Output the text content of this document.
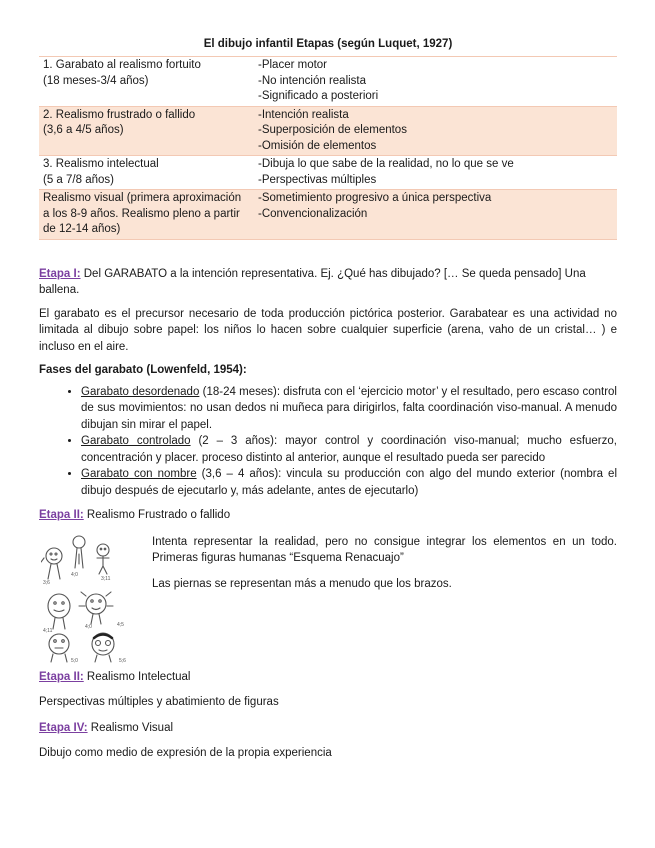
El dibujo infantil Etapas (según Luquet, 1927)
1. Garabato al realismo fortuito
(18 meses-3/4 años)	-Placer motor
-No intención realista
-Significado a posteriori

2. Realismo frustrado o fallido
(3,6 a 4/5 años)	-Intención realista
-Superposición de elementos
-Omisión de elementos

3. Realismo intelectual
(5 a 7/8 años)	-Dibuja lo que sabe de la realidad, no lo que se ve
-Perspectivas múltiples

Realismo visual (primera aproximación
a los 8-9 años. Realismo pleno a partir
de 12-14 años)	-Sometimiento progresivo a única perspectiva
-Convencionalización

Etapa I: Del GARABATO a la intención representativa. Ej. ¿Qué has dibujado? [… Se queda pensado] Una ballena.

El garabato es el precursor necesario de toda producción pictórica posterior. Garabatear es una actividad no limitada al dibujo sobre papel: los niños lo hacen sobre cualquier superficie (arena, vaho de un cristal… ) e incluso en el aire.

Fases del garabato (Lowenfeld, 1954):

• Garabato desordenado (18-24 meses): disfruta con el ‘ejercicio motor’ y el resultado, pero escaso control de sus movimientos: no usan dedos ni muñeca para dirigirlos, falta coordinación viso-manual. A menudo dibujan sin mirar el papel.
• Garabato controlado (2 – 3 años): mayor control y coordinación viso-manual; mucho esfuerzo, concentración y placer. proceso distinto al anterior, aunque el resultado pueda ser parecido
• Garabato con nombre (3,6 – 4 años): vincula su producción con algo del mundo exterior (nombra el dibujo después de ejecutarlo y, más adelante, antes de ejecutarlo)

Etapa II: Realismo Frustrado o fallido

3;6
4;0
3;11
4;11
4;0	4;5
5;0	5;6

Intenta representar la realidad, pero no consigue integrar los elementos en un todo. Primeras figuras humanas “Esquema Renacuajo”

Las piernas se representan más a menudo que los brazos.

Etapa II: Realismo Intelectual

Perspectivas múltiples y abatimiento de figuras

Etapa IV: Realismo Visual

Dibujo como medio de expresión de la propia experiencia
